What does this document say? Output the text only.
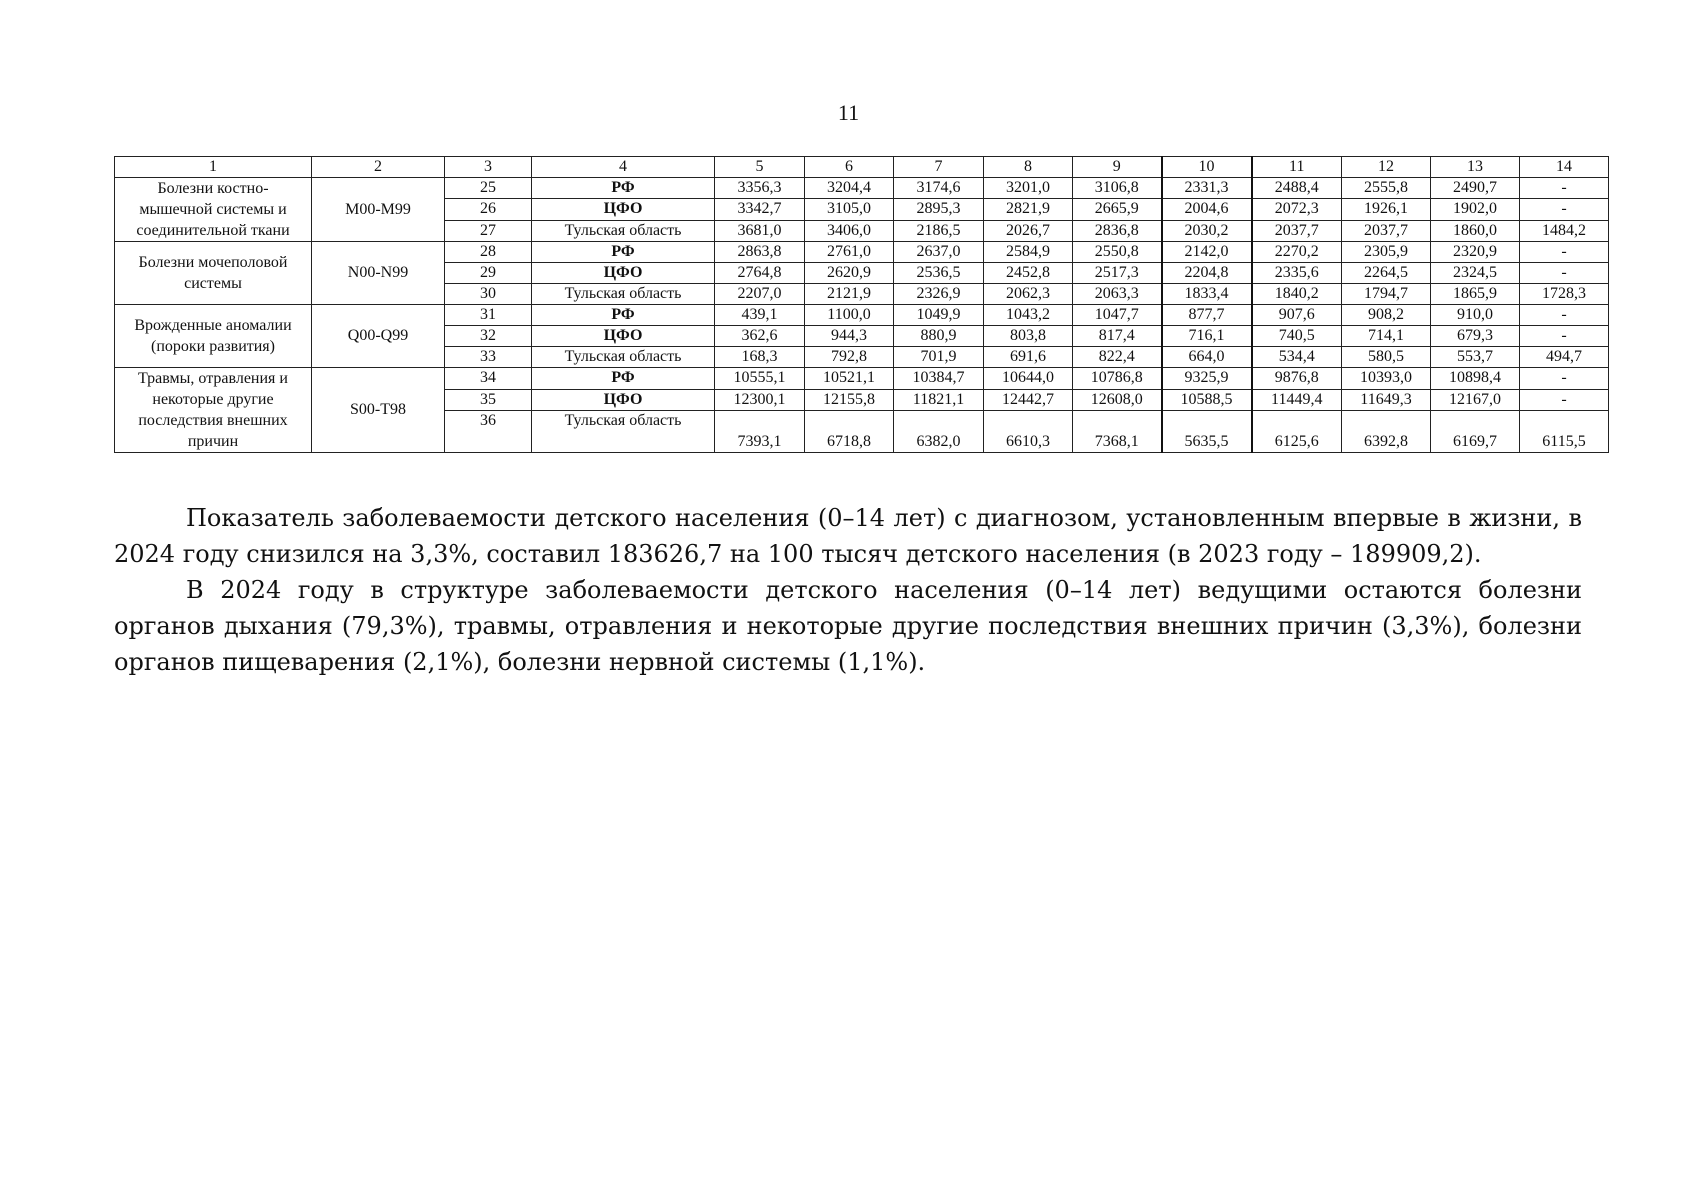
11
1	2	3	4	5	6	7	8	9	10	11	12	13	14
Болезни костно-мышечной системы и соединительной ткани	M00-M99	25	РФ	3356,3	3204,4	3174,6	3201,0	3106,8	2331,3	2488,4	2555,8	2490,7	-
		26	ЦФО	3342,7	3105,0	2895,3	2821,9	2665,9	2004,6	2072,3	1926,1	1902,0	-
		27	Тульская область	3681,0	3406,0	2186,5	2026,7	2836,8	2030,2	2037,7	2037,7	1860,0	1484,2
Болезни мочеполовой системы	N00-N99	28	РФ	2863,8	2761,0	2637,0	2584,9	2550,8	2142,0	2270,2	2305,9	2320,9	-
		29	ЦФО	2764,8	2620,9	2536,5	2452,8	2517,3	2204,8	2335,6	2264,5	2324,5	-
		30	Тульская область	2207,0	2121,9	2326,9	2062,3	2063,3	1833,4	1840,2	1794,7	1865,9	1728,3
Врожденные аномалии (пороки развития)	Q00-Q99	31	РФ	439,1	1100,0	1049,9	1043,2	1047,7	877,7	907,6	908,2	910,0	-
		32	ЦФО	362,6	944,3	880,9	803,8	817,4	716,1	740,5	714,1	679,3	-
		33	Тульская область	168,3	792,8	701,9	691,6	822,4	664,0	534,4	580,5	553,7	494,7
Травмы, отравления и некоторые другие последствия внешних причин	S00-T98	34	РФ	10555,1	10521,1	10384,7	10644,0	10786,8	9325,9	9876,8	10393,0	10898,4	-
		35	ЦФО	12300,1	12155,8	11821,1	12442,7	12608,0	10588,5	11449,4	11649,3	12167,0	-
		36	Тульская область	7393,1	6718,8	6382,0	6610,3	7368,1	5635,5	6125,6	6392,8	6169,7	6115,5

Показатель заболеваемости детского населения (0–14 лет) с диагнозом, установленным впервые в жизни, в 2024 году снизился на 3,3%, составил 183626,7 на 100 тысяч детского населения (в 2023 году – 189909,2).

В 2024 году в структуре заболеваемости детского населения (0–14 лет) ведущими остаются болезни органов дыхания (79,3%), травмы, отравления и некоторые другие последствия внешних причин (3,3%), болезни органов пищеварения (2,1%), болезни нервной системы (1,1%).
